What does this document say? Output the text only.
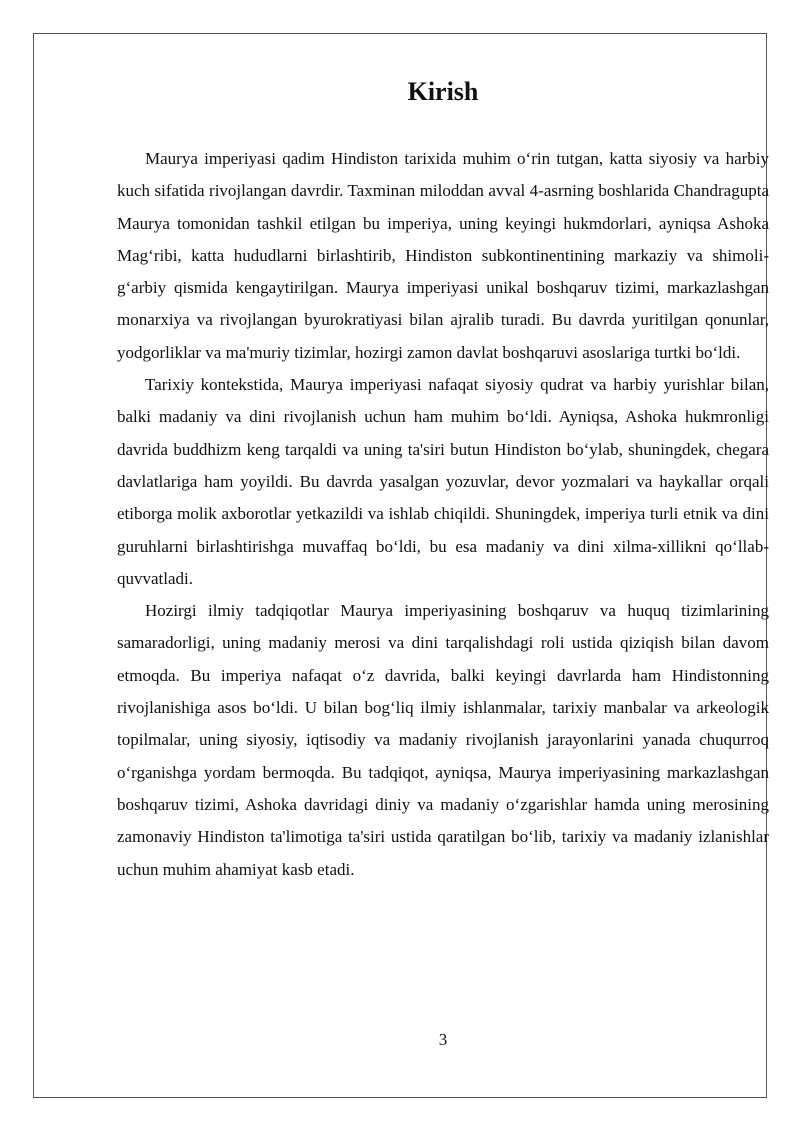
Kirish

Maurya imperiyasi qadim Hindiston tarixida muhim o‘rin tutgan, katta siyosiy va harbiy kuch sifatida rivojlangan davrdir. Taxminan miloddan avval 4-asrning boshlarida Chandragupta Maurya tomonidan tashkil etilgan bu imperiya, uning keyingi hukmdorlari, ayniqsa Ashoka Mag‘ribi, katta hududlarni birlashtirib, Hindiston subkontinentining markaziy va shimoli-g‘arbiy qismida kengaytirilgan. Maurya imperiyasi unikal boshqaruv tizimi, markazlashgan monarxiya va rivojlangan byurokratiyasi bilan ajralib turadi. Bu davrda yuritilgan qonunlar, yodgorliklar va ma'muriy tizimlar, hozirgi zamon davlat boshqaruvi asoslariga turtki bo‘ldi.

Tarixiy kontekstida, Maurya imperiyasi nafaqat siyosiy qudrat va harbiy yurishlar bilan, balki madaniy va dini rivojlanish uchun ham muhim bo‘ldi. Ayniqsa, Ashoka hukmronligi davrida buddhizm keng tarqaldi va uning ta'siri butun Hindiston bo‘ylab, shuningdek, chegara davlatlariga ham yoyildi. Bu davrda yasalgan yozuvlar, devor yozmalari va haykallar orqali etiborga molik axborotlar yetkazildi va ishlab chiqildi. Shuningdek, imperiya turli etnik va dini guruhlarni birlashtirishga muvaffaq bo‘ldi, bu esa madaniy va dini xilma-xillikni qo‘llab-quvvatladi.

Hozirgi ilmiy tadqiqotlar Maurya imperiyasining boshqaruv va huquq tizimlarining samaradorligi, uning madaniy merosi va dini tarqalishdagi roli ustida qiziqish bilan davom etmoqda. Bu imperiya nafaqat o‘z davrida, balki keyingi davrlarda ham Hindistonning rivojlanishiga asos bo‘ldi. U bilan bog‘liq ilmiy ishlanmalar, tarixiy manbalar va arkeologik topilmalar, uning siyosiy, iqtisodiy va madaniy rivojlanish jarayonlarini yanada chuqurroq o‘rganishga yordam bermoqda. Bu tadqiqot, ayniqsa, Maurya imperiyasining markazlashgan boshqaruv tizimi, Ashoka davridagi diniy va madaniy o‘zgarishlar hamda uning merosining zamonaviy Hindiston ta'limotiga ta'siri ustida qaratilgan bo‘lib, tarixiy va madaniy izlanishlar uchun muhim ahamiyat kasb etadi.

3
